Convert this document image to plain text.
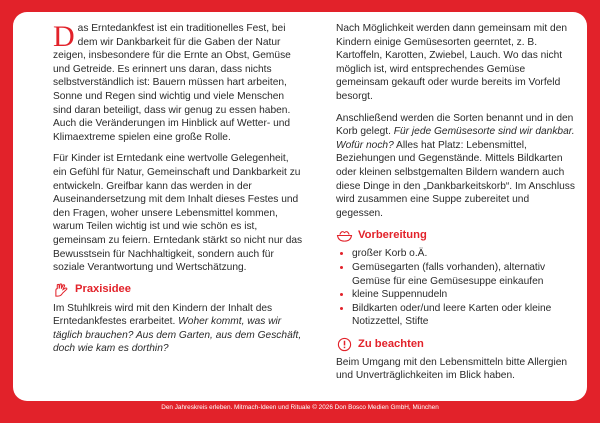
Das Erntedankfest ist ein traditionelles Fest, bei dem wir Dankbarkeit für die Gaben der Natur zeigen, insbesondere für die Ernte an Obst, Gemüse und Getreide. Es erinnert uns daran, dass nichts selbstverständlich ist: Bauern müssen hart arbeiten, Sonne und Regen sind wichtig und viele Menschen sind daran beteiligt, dass wir genug zu essen haben. Auch die Veränderungen im Hinblick auf Wetter- und Klimaextreme spielen eine große Rolle.

Für Kinder ist Erntedank eine wertvolle Gelegenheit, ein Gefühl für Natur, Gemeinschaft und Dankbarkeit zu entwickeln. Greifbar kann das werden in der Auseinandersetzung mit dem Inhalt dieses Festes und den Fragen, woher unsere Lebensmittel kommen, warum Teilen wichtig ist und wie schön es ist, gemeinsam zu feiern. Erntedank stärkt so nicht nur das Bewusstsein für Nachhaltigkeit, sondern auch für soziale Verantwortung und Wertschätzung.

Praxisidee

Im Stuhlkreis wird mit den Kindern der Inhalt des Erntedankfestes erarbeitet. Woher kommt, was wir täglich brauchen? Aus dem Garten, aus dem Geschäft, doch wie kam es dorthin?

Nach Möglichkeit werden dann gemeinsam mit den Kindern einige Gemüsesorten geerntet, z. B. Kartoffeln, Karotten, Zwiebel, Lauch. Wo das nicht möglich ist, wird entsprechendes Gemüse gemeinsam gekauft oder wurde bereits im Vorfeld besorgt.

Anschließend werden die Sorten benannt und in den Korb gelegt. Für jede Gemüsesorte sind wir dankbar. Wofür noch? Alles hat Platz: Lebensmittel, Beziehungen und Gegenstände. Mittels Bildkarten oder kleinen selbstgemalten Bildern wandern auch diese Dinge in den „Dankbarkeitskorb“. Im Anschluss wird zusammen eine Suppe zubereitet und gegessen.

Vorbereitung
• großer Korb o.Ä.
• Gemüsegarten (falls vorhanden), alternativ Gemüse für eine Gemüsesuppe einkaufen
• kleine Suppennudeln
• Bildkarten oder/und leere Karten oder kleine Notizzettel, Stifte
Zu beachten

Beim Umgang mit den Lebensmitteln bitte Allergien und Unverträglichkeiten im Blick haben.

Den Jahreskreis erleben. Mitmach-Ideen und Rituale © 2026 Don Bosco Medien GmbH, München
